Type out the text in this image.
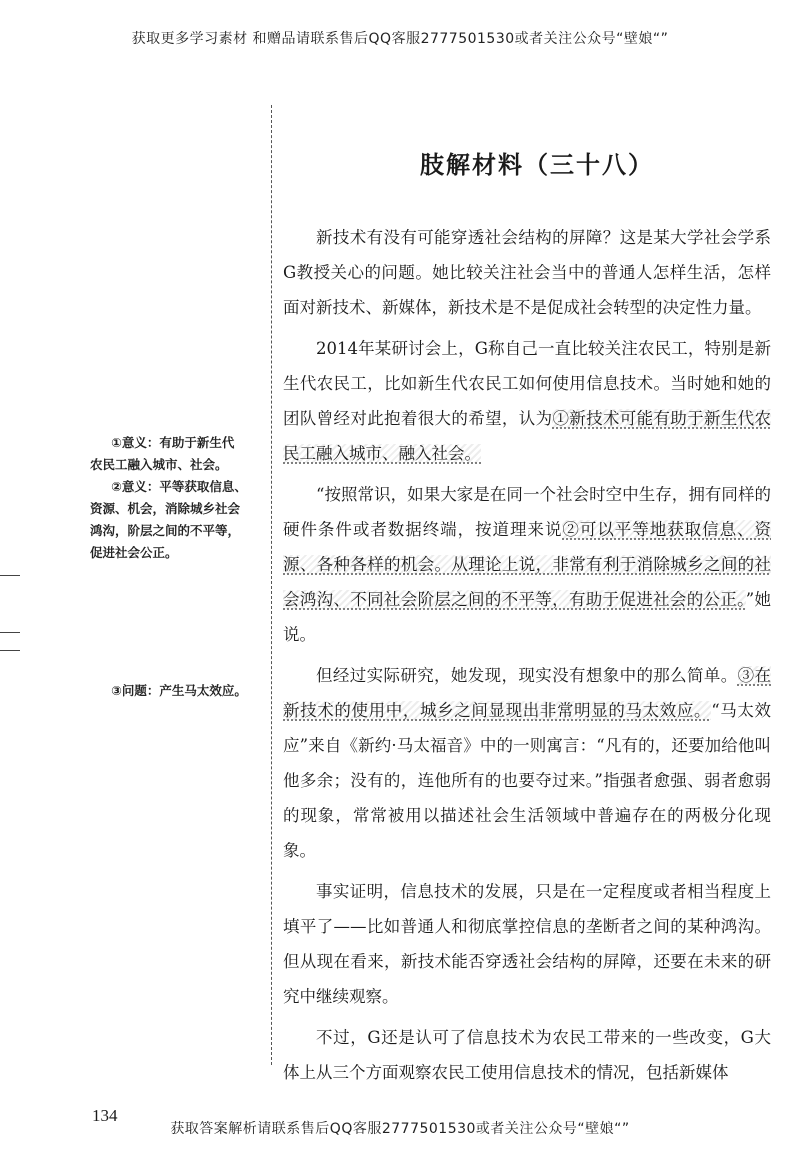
获取更多学习素材 和赠品请联系售后QQ客服2777501530或者关注公众号“壁娘“”
肢解材料（三十八）
①意义：有助于新生代
农民工融入城市、社会。
②意义：平等获取信息、
资源、机会，消除城乡社会
鸿沟，阶层之间的不平等，
促进社会公正。
③问题：产生马太效应。

新技术有没有可能穿透社会结构的屏障？这是某大学社会学系G教授关心的问题。她比较关注社会当中的普通人怎样生活，怎样面对新技术、新媒体，新技术是不是促成社会转型的决定性力量。

2014年某研讨会上，G称自己一直比较关注农民工，特别是新生代农民工，比如新生代农民工如何使用信息技术。当时她和她的团队曾经对此抱着很大的希望，认为①新技术可能有助于新生代农民工融入城市、融入社会。

“按照常识，如果大家是在同一个社会时空中生存，拥有同样的硬件条件或者数据终端，按道理来说②可以平等地获取信息、资源、各种各样的机会。从理论上说，非常有利于消除城乡之间的社会鸿沟、不同社会阶层之间的不平等，有助于促进社会的公正。”她说。

但经过实际研究，她发现，现实没有想象中的那么简单。③在新技术的使用中，城乡之间显现出非常明显的马太效应。“马太效应”来自《新约·马太福音》中的一则寓言：“凡有的，还要加给他叫他多余；没有的，连他所有的也要夺过来。”指强者愈强、弱者愈弱的现象，常常被用以描述社会生活领域中普遍存在的两极分化现象。

事实证明，信息技术的发展，只是在一定程度或者相当程度上填平了——比如普通人和彻底掌控信息的垄断者之间的某种鸿沟。但从现在看来，新技术能否穿透社会结构的屏障，还要在未来的研究中继续观察。

不过，G还是认可了信息技术为农民工带来的一些改变，G大体上从三个方面观察农民工使用信息技术的情况，包括新媒体

134
获取答案解析请联系售后QQ客服2777501530或者关注公众号“壁娘“”
